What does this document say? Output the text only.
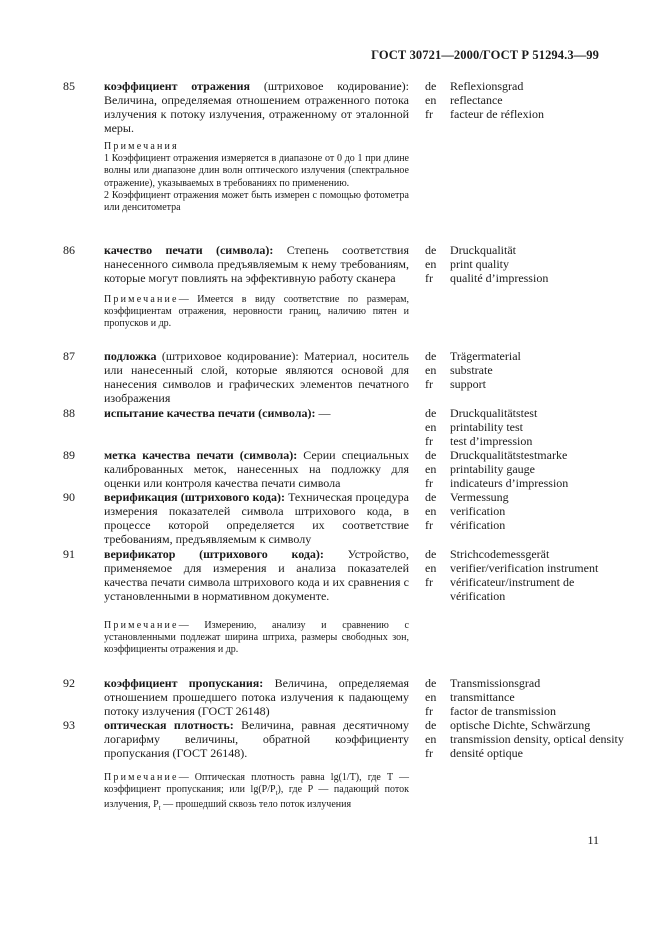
ГОСТ 30721—2000/ГОСТ Р 51294.3—99
85 коэффициент отражения (штриховое кодирование): Величина, определяемая отношением отраженного потока излучения к потоку излучения, отраженному от эталонной меры.
Примечания
1 Коэффициент отражения измеряется в диапазоне от 0 до 1 при длине волны или диапазоне длин волн оптического излучения (спектральное отражение), указываемых в требованиях по применению.
2 Коэффициент отражения может быть измерен с помощью фотометра или денситометра
de	Reflexionsgrad
en	reflectance
fr	facteur de réflexion
86 качество печати (символа): Степень соответствия нанесенного символа предъявляемым к нему требованиям, которые могут повлиять на эффективную работу сканера
Примечание— Имеется в виду соответствие по размерам, коэффициентам отражения, неровности границ, наличию пятен и пропусков и др.
de	Druckqualität
en	print quality
fr	qualité d’impression
87 подложка (штриховое кодирование): Материал, носитель или нанесенный слой, которые являются основой для нанесения символов и графических элементов печатного изображения
de	Trägermaterial
en	substrate
fr	support
88 испытание качества печати (символа): —	de	Druckqualitätstest
en	printability test
fr	test d’impression
89 метка качества печати (символа): Серии специальных калиброванных меток, нанесенных на подложку для оценки или контроля качества печати символа
de	Druckqualitätstestmarke
en	printability gauge
fr	indicateurs d’impression
90 верификация (штрихового кода): Техническая процедура измерения показателей символа штрихового кода, в процессе которой определяется их соответствие требованиям, предъявляемым к символу
de	Vermessung
en	verification
fr	vérification
91 верификатор (штрихового кода): Устройство, применяемое для измерения и анализа показателей качества печати символа штрихового кода и их сравнения с установленными в нормативном документе.
Примечание— Измерению, анализу и сравнению с установленными подлежат ширина штриха, размеры свободных зон, коэффициенты отражения и др.
de	Strichcodemessgerät
en	verifier/verification instrument
fr	vérificateur/instrument de vérification
92 коэффициент пропускания: Величина, определяемая отношением прошедшего потока излучения к падающему потоку излучения (ГОСТ 26148)
de	Transmissionsgrad
en	transmittance
fr	factor de transmission
93 оптическая плотность: Величина, равная десятичному логарифму величины, обратной коэффициенту пропускания (ГОСТ 26148).
Примечание— Оптическая плотность равна lg(1/T), где T — коэффициент пропускания; или $\lg(P/P_t)$, где P — падающий поток излучения, $P_t$ — прошедший сквозь тело поток излучения
de	optische Dichte, Schwärzung
en	transmission density, optical density
fr	densité optique
11
